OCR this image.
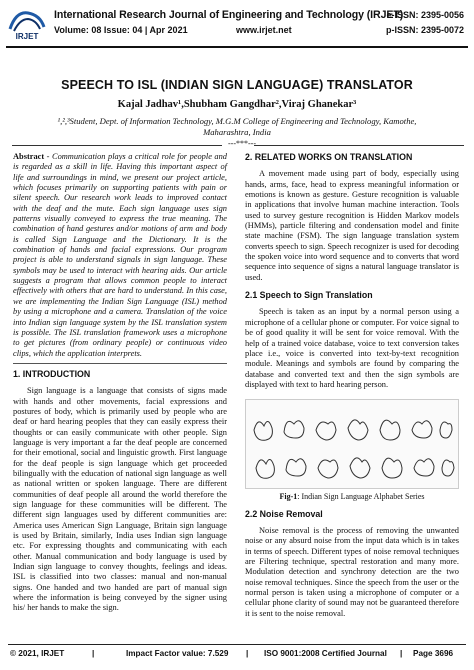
IRJET
International Research Journal of Engineering and Technology (IRJET)
Volume: 08 Issue: 04 | Apr 2021	www.irjet.net
e-ISSN: 2395-0056
p-ISSN: 2395-0072
SPEECH TO ISL (INDIAN SIGN LANGUAGE) TRANSLATOR
Kajal Jadhav¹,Shubham Gangdhar²,Viraj Ghanekar³
¹,²,³Student, Dept. of Information Technology, M.G.M College of Engineering and Technology, Kamothe,
Maharashtra, India
---***---

Abstract - Communication plays a critical role for people and is regarded as a skill in life. Having this important aspect of life and surroundings in mind, we present our project article, which focuses primarily on supporting patients with pain or silent speech. Our research work leads to improved contact with the deaf and the mute. Each sign language uses sign patterns visually conveyed to express the true meaning. The combination of hand gestures and/or motions of arm and body is called Sign Language and the Dictionary. It is the combination of hands and facial expressions. Our program project is able to understand signals in sign language. These symbols may be used to interact with hearing aids. Our article suggests a program that allows common people to interact effectively with others that are hard to understand. In this case, we are implementing the Indian Sign Language (ISL) method by using a microphone and a camera. Translation of the voice into Indian sign language system by the ISL translation system is possible. The ISL translation framework uses a microphone to get pictures (from ordinary people) or continuous video clips, which the application interprets.

1. INTRODUCTION

Sign language is a language that consists of signs made with hands and other movements, facial expressions and postures of body, which is primarily used by people who are deaf or hard hearing peoples that they can easily express their thoughts or can easily communicate with other people. Sign language is very important a far the deaf people are concerned for their emotional, social and linguistic growth. First language for the deaf people is sign language which get proceeded bilingually with the education of national sign language as well as national written or spoken language. There are different communities of deaf people all around the world therefore the sign language for these communities will be different. The different sign languages used by different communities are: America uses American Sign Language, Britain sign language is used by Britain, similarly, India uses Indian sign language etc. For expressing thoughts and communicating with each other. Manual communication and body language is used by Indian sign language to convey thoughts, feelings and ideas. ISL is classified into two classes: manual and non-manual signs. One handed and two handed are part of manual sign where the information is being conveyed by the signer using his/ her hands to make the sign.

2. RELATED WORKS ON TRANSLATION

A movement made using part of body, especially using hands, arms, face, head to express meaningful information or emotions is known as gesture. Gesture recognition is valuable in applications that involve human machine interaction. Tools used to survey gesture recognition is Hidden Markov models (HMMs), particle filtering and condensation model and finite state machine (FSM). The sign language translation system converts speech to sign. Speech recognizer is used for decoding the spoken voice into word sequence and to converts that word sequence into sequence of signs a natural language translator is used.

2.1 Speech to Sign Translation

Speech is taken as an input by a normal person using a microphone of a cellular phone or computer. For voice signal to be of good quality it will be sent for voice removal. With the help of a trained voice database, voice to text conversion takes place i.e., voice is converted into text-by-text recognition module. Meanings and symbols are found by comparing the database and converted text and then the sign symbols are displayed with text to hard hearing person.

Fig-1: Indian Sign Language Alphabet Series
2.2 Noise Removal

Noise removal is the process of removing the unwanted noise or any absurd noise from the input data which is in takes in terms of speech. Different types of noise removal techniques are Filtering technique, spectral restoration and many more. Modulation detection and synchrony detection are the two noise removal techniques. Since the speech from the user or the normal person is taken using a microphone of computer or a cellular phone clarity of sound may not be guaranteed therefore it is sent to the noise removal.

© 2021, IRJET	|	Impact Factor value: 7.529 | ISO 9001:2008 Certified Journal | Page 3696
